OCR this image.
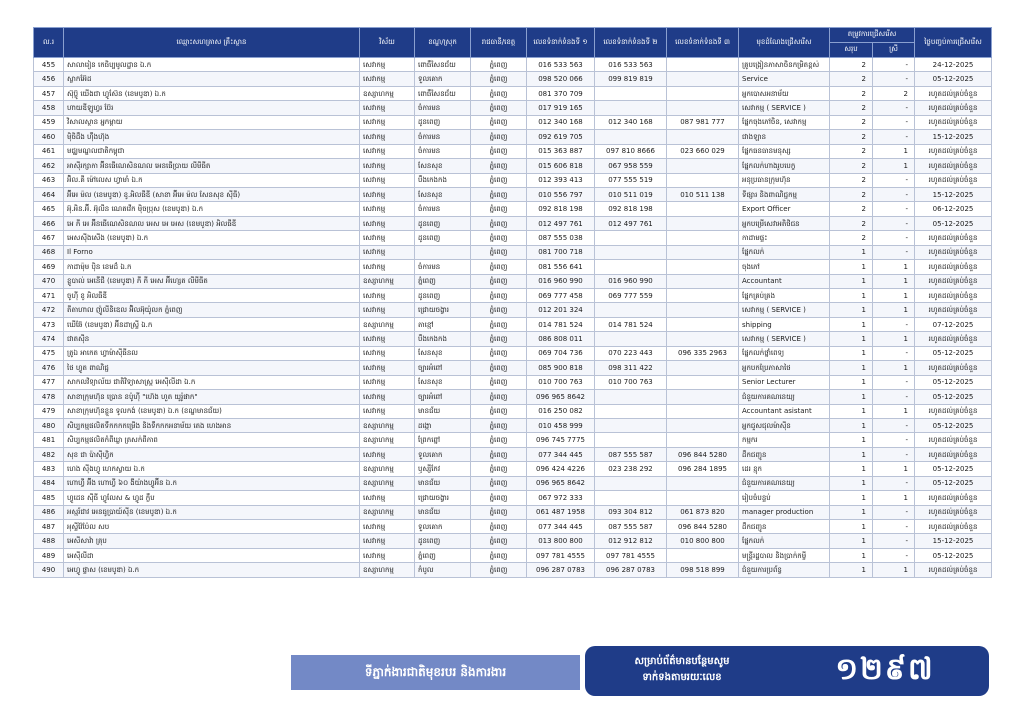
ល.រ	ឈ្មោះសហគ្រាស គ្រឹះស្ថាន	វិស័យ	ខណ្ឌ/ស្រុក	រាជធានី/ខេត្ត	លេខទំនាក់ទំនងទី ១	លេខទំនាក់ទំនងទី ២	លេខទំនាក់ទំនងទី ៣	មុខដំណែងជ្រើសរើស	តម្រូវការជ្រើសរើស		ថ្ងៃបញ្ចប់ការជ្រើសរើស
									សរុប	ស្រី	
455	សាលារៀន កេធិប្បមូលដ្ឋាន ឯ.ក	សេវាកម្ម	ពោធិ៍សែនជ័យ	ភ្នំពេញ	016 533 563	016 533 563		គ្រូបង្រៀនភាសាចិនកម្រិតខ្ពស់	2	-	24-12-2025
456	ស្លាកអ៊ែដ	សេវាកម្ម	ទួលគោក	ភ្នំពេញ	098 520 066	099 819 819		Service	2	-	05-12-2025
457	ស៊ុប៊្លូ យើងជា ហ្វូស៊ែន (ខេមបូឌា) ឯ.ក	ឧស្សាហកម្ម	ពោធិ៍សែនជ័យ	ភ្នំពេញ	081 370 709			អ្នកបោសអនាម័យ	2	2	រហូតដល់គ្រប់ចំនួន
458	ហាយឌីឡូហ្វរ ប៊ែរ	សេវាកម្ម	ចំការមន	ភ្នំពេញ	017 919 165			សេវាកម្ម ( SERVICE )	2	-	រហូតដល់គ្រប់ចំនួន
459	វិសាលស្ថាន អ្នកម្តាយ	សេវាកម្ម	ដូនពេញ	ភ្នំពេញ	012 340 168	012 340 168	087 981 777	ផ្នែកចុងភៅចិន, សេវាកម្ម	2	-	រហូតដល់គ្រប់ចំនួន
460	ម៉ិចិដឹង ហ៊ឹងហ៊ុង	សេវាកម្ម	ចំការមន	ភ្នំពេញ	092 619 705			ជាងឡាន	2	-	15-12-2025
461	មជ្ឈមណ្ឌលជាតិកម្ពុជា	សេវាកម្ម	ចំការមន	ភ្នំពេញ	015 363 887	097 810 8666	023 660 029	ផ្នែកធនធានមនុស្ស	2	1	រហូតដល់គ្រប់ចំនួន
462	អាស៊ីរក្សាកា អ៊ីនធើណេសិនណល អេនធើប្រាយ លីមីធីត	សេវាកម្ម	សែនសុខ	ភ្នំពេញ	015 606 818	067 958 559		ផ្នែកលក់ហាងរូបបេក្ខ	2	1	រហូតដល់គ្រប់ចំនួន
463	អ៊ិល.គី ម៉ៅលេស ហ្វាមាំ ឯ.ក	សេវាកម្ម	បឹងកេងកង	ភ្នំពេញ	012 393 413	077 555 519		អនុប្រធានក្រុមហ៊ុន	2	-	រហូតដល់គ្រប់ចំនួន
464	អ៊ីអេ ម៉ល (ខេមបូឌា) ខូ.អិលធីឌី (សាខា អ៊ីអេ ម៉ល សែនសុខ ស៊ីធី)	សេវាកម្ម	សែនសុខ	ភ្នំពេញ	010 556 797	010 511 019	010 511 138	ទីផ្សារ និងពាណិជ្ជកម្ម	2	-	15-12-2025
465	អ៊ុ.អិន.អ៊ី. អ៊ុលីន ណេតវើក ម៉ិចប្រុស (ខេមបូឌា) ឯ.ក	សេវាកម្ម	ចំការមន	ភ្នំពេញ	092 818 198	092 818 198		Export Officer	2	-	06-12-2025
466	អេ ភី អេ អ៊ីនធើណេសិនណល អេស អេ អេស (ខេមបូឌា) អិលធីឌី	សេវាកម្ម	ដូនពេញ	ភ្នំពេញ	012 497 761	012 497 761		អ្នកបម្រើសេវាអតិថិជន	2	-	05-12-2025
467	អេសស៊ីងសើង (ខេមបូឌា) ឯ.ក	សេវាកម្ម	ដូនពេញ	ភ្នំពេញ	087 555 038			កាដាមផ្ទះ	2	-	រហូតដល់គ្រប់ចំនួន
468	Il Forno	សេវាកម្ម		ភ្នំពេញ	081 700 718			ផ្នែកលក់	1	-	រហូតដល់គ្រប់ចំនួន
469	កាដាម៉ុម ប៉ិន ខេមដ៏ ឯ.ក	សេវាកម្ម	ចំការមន	ភ្នំពេញ	081 556 641			ចុងភៅ	1	1	រហូតដល់គ្រប់ចំនួន
470	ខ្លូបាល់ អេនើជី (ខេមបូឌា) ភី ភី អេស អ៊ីហ្សេត លីមីធីត	ឧស្សាហកម្ម	ភ្នំពេញ	ភ្នំពេញ	016 960 990	016 960 990		Accountant	1	1	រហូតដល់គ្រប់ចំនួន
471	ចូហ៊ី ខូ អិលធីឌី	សេវាកម្ម	ដូនពេញ	ភ្នំពេញ	069 777 458	069 777 559		ផ្នែកគ្រប់គ្រង	1	1	រហូតដល់គ្រប់ចំនួន
472	តីតាហាល ញ៉ូលីនិឌេល អ៊ិលអ៊ុយ៉ូលក ភ្នំពេញ	សេវាកម្ម	ជ្រោយចង្វារ	ភ្នំពេញ	012 201 324			សេវាកម្ម ( SERVICE )	1	1	រហូតដល់គ្រប់ចំនួន
473	ឃើឆ៊ែ (ខេមបូឌា) អ៊ីនដាស្ទ្រី ឯ.ក	ឧស្សាហកម្ម	តាខ្មៅ	ភ្នំពេញ	014 781 524	014 781 524		shipping	1	-	07-12-2025
474	ជាតសុីន	សេវាកម្ម	បឹងកេងកង	ភ្នំពេញ	086 808 011			សេវាកម្ម ( SERVICE )	1	1	រហូតដល់គ្រប់ចំនួន
475	ត្រូឯ អាកេត ហ្វាម៉ាស៊ីធីនល	សេវាកម្ម	សែនសុខ	ភ្នំពេញ	069 704 736	070 223 443	096 335 2963	ផ្នែកលក់ថ្នាំពេទ្យ	1	-	05-12-2025
476	ថៃ ហ្វូត ពាណិជ្ជ	សេវាកម្ម	ច្បារអំពៅ	ភ្នំពេញ	085 900 818	098 311 422		អ្នកបកប្រែភាសាថៃ	1	1	រហូតដល់គ្រប់ចំនួន
477	សាកលវិទ្យាល័យ ជាតិវិទ្យាសាស្ត្រ អេស៊ីលីដា ឯ.ក	សេវាកម្ម	សែនសុខ	ភ្នំពេញ	010 700 763	010 700 763		Senior Lecturer	1	-	05-12-2025
478	សាខាក្រុមហ៊ុន ប្រោន ខប៉ូហ៊ី "ហ៊េង ហួត យូរ៉ូផាក"	សេវាកម្ម	ច្បារអំពៅ	ភ្នំពេញ	096 965 8642			ជំនួយការគណនេយ្យ	1	-	05-12-2025
479	សាខាក្រុមហ៊ុនខ្លួន ទូលកង់ (ខេមបូឌា) ឯ.ក (ខណ្ឌមានជ័យ)	សេវាកម្ម	មានជ័យ	ភ្នំពេញ	016 250 082			Accountant asistant	1	1	រហូតដល់គ្រប់ចំនួន
480	សិប្បកម្មផលិតទឹកកកកម្រើង និងទឹកកកអនាម័យ តេង ហេងអាន	ឧស្សាហកម្ម	ដង្កោ	ភ្នំពេញ	010 458 999			អ្នកជួសជុលម៉ាស៊ីន	1	-	05-12-2025
481	សិប្បកម្មផលិតកំពីឃ្លា ត្រសក់ពីភាព	ឧស្សាហកម្ម	ព្រែកព្នៅ	ភ្នំពេញ	096 745 7775			កម្មករ	1	-	រហូតដល់គ្រប់ចំនួន
482	សុខ ជា ប៉ាស៊ីហ្វិក	សេវាកម្ម	ទួលគោក	ភ្នំពេញ	077 344 445	087 555 587	096 844 5280	ដឹកជញ្ជូន	1	-	រហូតដល់គ្រប់ចំនួន
483	ហេង ស៊ីងហ្វូ ហេកស្វាយ ឯ.ក	ឧស្សាហកម្ម	ឫស្សីកែវ	ភ្នំពេញ	096 424 4226	023 238 292	096 284 1895	ដេរ ខ្មុក	1	1	05-12-2025
484	ហោហ្វី អ៊ីង ហោហ្វី ៦០ ងីយ៉ាងហ្វូអ៊ីន ឯ.ក	ឧស្សាហកម្ម	មានជ័យ	ភ្នំពេញ	096 965 8642			ជំនួយការគណនេយ្យ	1	-	05-12-2025
485	ហ្វូដេន ស៊ីធី ហ្វូលែស & ហ្វូដ ក្លឹប	សេវាកម្ម	ជ្រោយចង្វារ	ភ្នំពេញ	067 972 333			រៀបចំបន្ទប់	1	1	រហូតដល់គ្រប់ចំនួន
486	អស្មរ័ជាវ អេនធូប្រាយ៍ស៊ីន (ខេមបូឌា) ឯ.ក	ឧស្សាហកម្ម	មានជ័យ	ភ្នំពេញ	061 487 1958	093 304 812	061 873 820	manager production	1	-	រហូតដល់គ្រប់ចំនួន
487	អុស្ទីវ៉ៃប៉ែល សប	សេវាកម្ម	ទួលគោក	ភ្នំពេញ	077 344 445	087 555 587	096 844 5280	ដឹកជញ្ជូន	1	-	រហូតដល់គ្រប់ចំនួន
488	អេសីសាវ៉ា គ្រុប	សេវាកម្ម	ដូនពេញ	ភ្នំពេញ	013 800 800	012 912 812	010 800 800	ផ្នែកលក់	1	-	15-12-2025
489	អេស៊ីលីដា	សេវាកម្ម	ភ្នំពេញ	ភ្នំពេញ	097 781 4555	097 781 4555		មន្ត្រីរដ្ឋបាល និងប្រាក់កម្ចី	1	-	05-12-2025
490	អេហ្វូ ផ្ទាស (ខេមបូឌា) ឯ.ក	ឧស្សាហកម្ម	កំបូល	ភ្នំពេញ	096 287 0783	096 287 0783	098 518 899	ជំនួយការប្រព័ន្ធ	1	1	រហូតដល់គ្រប់ចំនួន
ទីភ្នាក់ងារជាតិមុខរបរ និងការងារ
សម្រាប់ព័ត៌មានបន្ថែមសូម
ទាក់ទងតាមរយៈលេខ	១២៩៧
